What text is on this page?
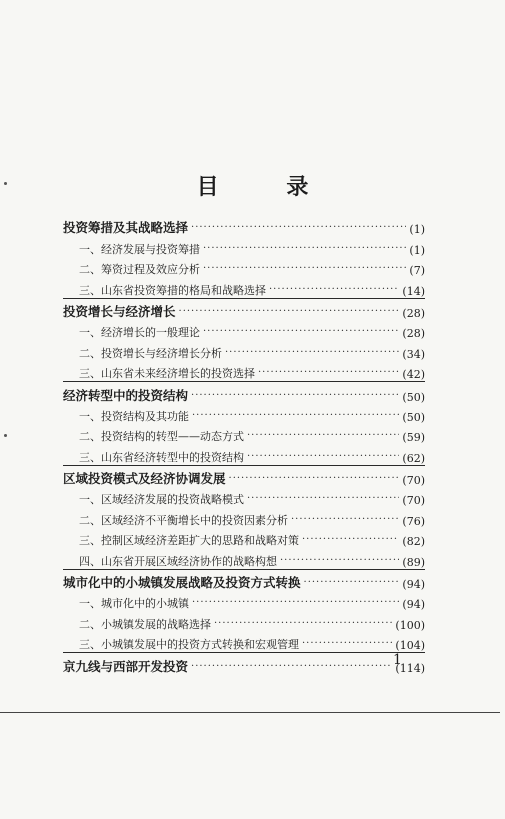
目 录
投资筹措及其战略选择 ·····	(1)
一、经济发展与投资筹措 ·····	(1)
二、筹资过程及效应分析 ·····	(7)
三、山东省投资筹措的格局和战略选择 ·····	(14)
投资增长与经济增长 ·····	(28)
一、经济增长的一般理论 ·····	(28)
二、投资增长与经济增长分析 ·····	(34)
三、山东省未来经济增长的投资选择 ·····	(42)
经济转型中的投资结构 ·····	(50)
一、投资结构及其功能 ·····	(50)
二、投资结构的转型——动态方式 ·····	(59)
三、山东省经济转型中的投资结构 ·····	(62)
区域投资模式及经济协调发展 ·····	(70)
一、区域经济发展的投资战略模式 ·····	(70)
二、区域经济不平衡增长中的投资因素分析 ·····	(76)
三、控制区域经济差距扩大的思路和战略对策 ·····	(82)
四、山东省开展区域经济协作的战略构想 ·····	(89)
城市化中的小城镇发展战略及投资方式转换 ·····	(94)
一、城市化中的小城镇 ·····	(94)
二、小城镇发展的战略选择 ·····	(100)
三、小城镇发展中的投资方式转换和宏观管理 ·····	(104)
京九线与西部开发投资 ·····	(114)
1
